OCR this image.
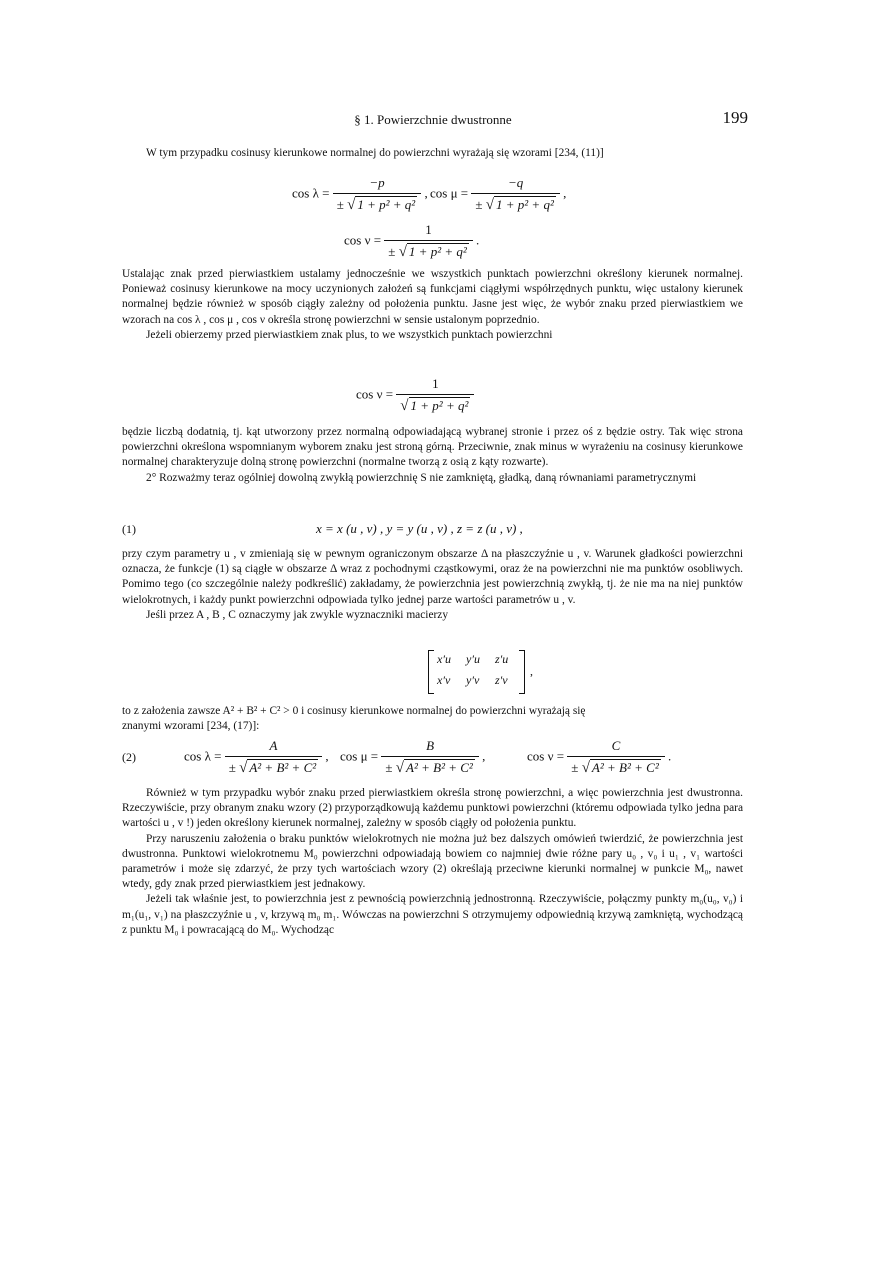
§ 1. Powierzchnie dwustronne	199

W tym przypadku cosinusy kierunkowe normalnej do powierzchni wyrażają się wzorami [234, (11)]

$\cos \lambda = \frac{-p}{\text{± √ 1 + p² + q²}}$ , $\cos \mu = \frac{-q}{\text{± √ 1 + p² + q²}}$ ,
$\cos \nu = \frac{1}{\text{± √ 1 + p² + q²}}$ .

Ustalając znak przed pierwiastkiem ustalamy jednocześnie we wszystkich punktach powierzchni określony kierunek normalnej. Ponieważ cosinusy kierunkowe na mocy uczynionych założeń są funkcjami ciągłymi współrzędnych punktu, więc ustalony kierunek normalnej będzie również w sposób ciągły zależny od położenia punktu. Jasne jest więc, że wybór znaku przed pierwiastkiem we wzorach na cos λ , cos μ , cos ν określa stronę powierzchni w sensie ustalonym poprzednio.

Jeżeli obierzemy przed pierwiastkiem znak plus, to we wszystkich punktach powierzchni

$\cos \nu = \frac{1}{\text{√ 1 + p² + q²}}$

będzie liczbą dodatnią, tj. kąt utworzony przez normalną odpowiadającą wybranej stronie i przez oś z będzie ostry. Tak więc strona powierzchni określona wspomnianym wyborem znaku jest stroną górną. Przeciwnie, znak minus w wyrażeniu na cosinusy kierunkowe normalnej charakteryzuje dolną stronę powierzchni (normalne tworzą z osią z kąty rozwarte).

2° Rozważmy teraz ogólniej dowolną zwykłą powierzchnię S nie zamkniętą, gładką, daną równaniami parametrycznymi

(1)	x = x (u , v) , y = y (u , v) , z = z (u , v) ,

przy czym parametry u , v zmieniają się w pewnym ograniczonym obszarze Δ na płaszczyźnie u , v. Warunek gładkości powierzchni oznacza, że funkcje (1) są ciągłe w obszarze Δ wraz z pochodnymi cząstkowymi, oraz że na powierzchni nie ma punktów osobliwych. Pomimo tego (co szczególnie należy podkreślić) zakładamy, że powierzchnia jest powierzchnią zwykłą, tj. że nie ma na niej punktów wielokrotnych, i każdy punkt powierzchni odpowiada tylko jednej parze wartości parametrów u , v.

Jeśli przez A , B , C oznaczymy jak zwykle wyznaczniki macierzy

x′u y′u z′u
x′v y′v z′v
,

to z założenia zawsze A² + B² + C² > 0 i cosinusy kierunkowe normalnej do powierzchni wyrażają się

znanymi wzorami [234, (17)]:

(2)	$\cos \lambda = \frac{A}{\text{± √ A² + B² + C²}}$ , $\cos \mu = \frac{B}{\text{± √ A² + B² + C²}}$ ,	$\cos \nu = \frac{C}{\text{± √ A² + B² + C²}}$ .

Również w tym przypadku wybór znaku przed pierwiastkiem określa stronę powierzchni, a więc powierzchnia jest dwustronna. Rzeczywiście, przy obranym znaku wzory (2) przyporządkowują każdemu punktowi powierzchni (któremu odpowiada tylko jedna para wartości u , v !) jeden określony kierunek normalnej, zależny w sposób ciągły od położenia punktu.

Przy naruszeniu założenia o braku punktów wielokrotnych nie można już bez dalszych omówień twierdzić, że powierzchnia jest dwustronna. Punktowi wielokrotnemu M₀ powierzchni odpowiadają bowiem co najmniej dwie różne pary u₀ , v₀ i u₁ , v₁ wartości parametrów i może się zdarzyć, że przy tych wartościach wzory (2) określają przeciwne kierunki normalnej w punkcie M₀, nawet wtedy, gdy znak przed pierwiastkiem jest jednakowy.

Jeżeli tak właśnie jest, to powierzchnia jest z pewnością powierzchnią jednostronną. Rzeczywiście, połączmy punkty m₀(u₀, v₀) i m₁(u₁, v₁) na płaszczyźnie u , v, krzywą m₀ m₁. Wówczas na powierzchni S otrzymujemy odpowiednią krzywą zamkniętą, wychodzącą z punktu M₀ i powracającą do M₀. Wychodząc
